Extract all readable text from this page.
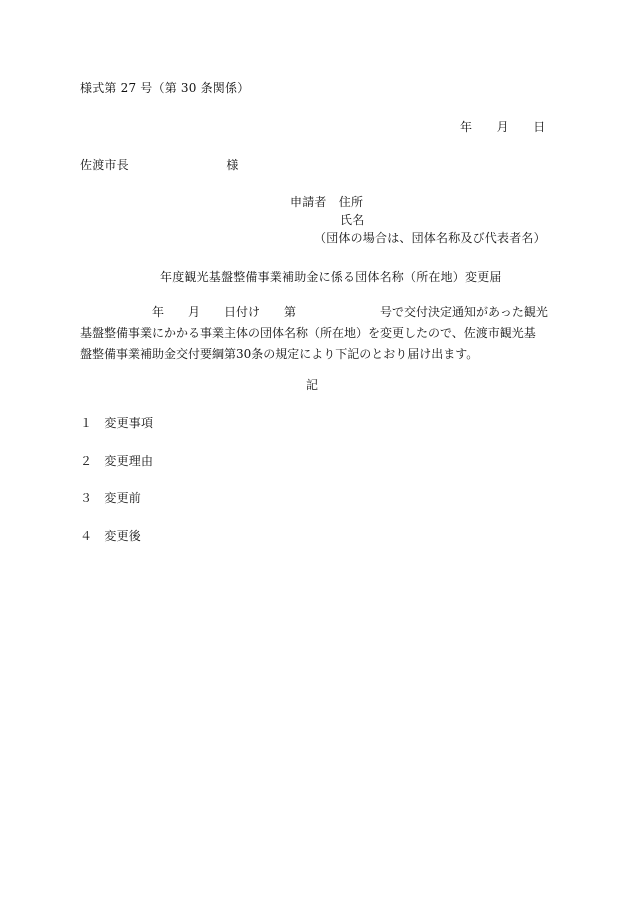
様式第 27 号（第 30 条関係）
年　　月　　日
佐渡市長　　　　　　　　様
申請者　住所
氏名
（団体の場合は、団体名称及び代表者名）
年度観光基盤整備事業補助金に係る団体名称（所在地）変更届
　　　　　　年　　月　　日付け　　第　　　　　　　号で交付決定通知があった観光
基盤整備事業にかかる事業主体の団体名称（所在地）を変更したので、佐渡市観光基
盤整備事業補助金交付要綱第30条の規定により下記のとおり届け出ます。
記
１　変更事項
２　変更理由
３　変更前
４　変更後
